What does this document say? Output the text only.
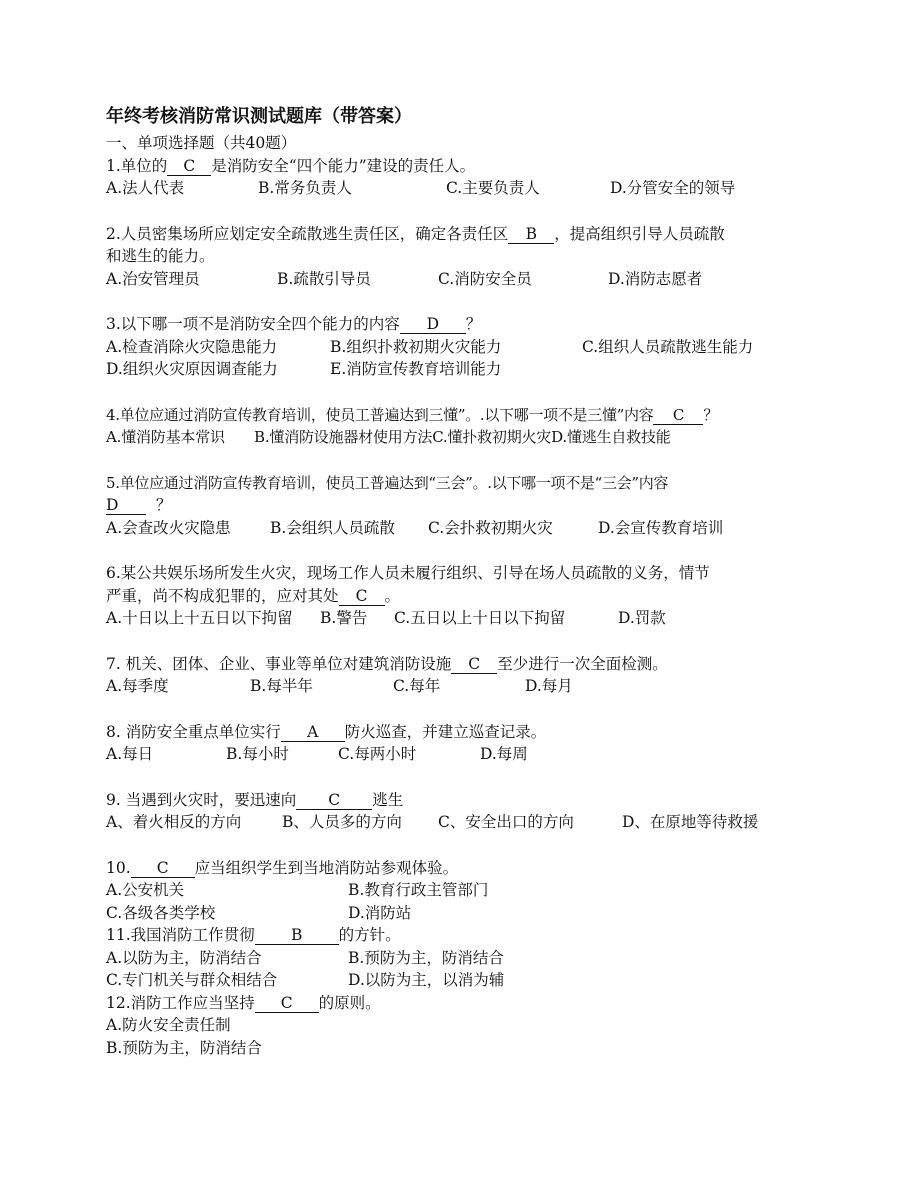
年终考核消防常识测试题库（带答案）
一、单项选择题（共40题）
1.单位的 C 是消防安全“四个能力”建设的责任人。
A.法人代表	B.常务负责人	C.主要负责人	D.分管安全的领导
2.人员密集场所应划定安全疏散逃生责任区，确定各责任区 B ，提高组织引导人员疏散
和逃生的能力。
A.治安管理员	B.疏散引导员	C.消防安全员	D.消防志愿者
3.以下哪一项不是消防安全四个能力的内容 D ？
A.检查消除火灾隐患能力	B.组织扑救初期火灾能力	C.组织人员疏散逃生能力
D.组织火灾原因调查能力	E.消防宣传教育培训能力
4.单位应通过消防宣传教育培训，使员工普遍达到三懂”。.以下哪一项不是三懂”内容 C ？
A.懂消防基本常识 B.懂消防设施器材使用方法C.懂扑救初期火灾D.懂逃生自救技能
5.单位应通过消防宣传教育培训，使员工普遍达到“三会”。.以下哪一项不是“三会”内容
D ？
A.会查改火灾隐患	B.会组织人员疏散 C.会扑救初期火灾	D.会宣传教育培训
6.某公共娱乐场所发生火灾，现场工作人员未履行组织、引导在场人员疏散的义务，情节
严重，尚不构成犯罪的，应对其处 C 。
A.十日以上十五日以下拘留 B.警告 C.五日以上十日以下拘留	D.罚款
7. 机关、团体、企业、事业等单位对建筑消防设施 C 至少进行一次全面检测。
A.每季度	B.每半年	C.每年	D.每月
8. 消防安全重点单位实行 A 防火巡查，并建立巡查记录。
A.每日	B.每小时	C.每两小时	D.每周
9. 当遇到火灾时，要迅速向 C 逃生
A、着火相反的方向	B、人员多的方向 C、安全出口的方向	D、在原地等待救援
10. C 应当组织学生到当地消防站参观体验。
A.公安机关	B.教育行政主管部门
C.各级各类学校	D.消防站
11.我国消防工作贯彻 B 的方针。
A.以防为主，防消结合	B.预防为主，防消结合
C.专门机关与群众相结合	D.以防为主，以消为辅
12.消防工作应当坚持 C 的原则。
A.防火安全责任制
B.预防为主，防消结合
